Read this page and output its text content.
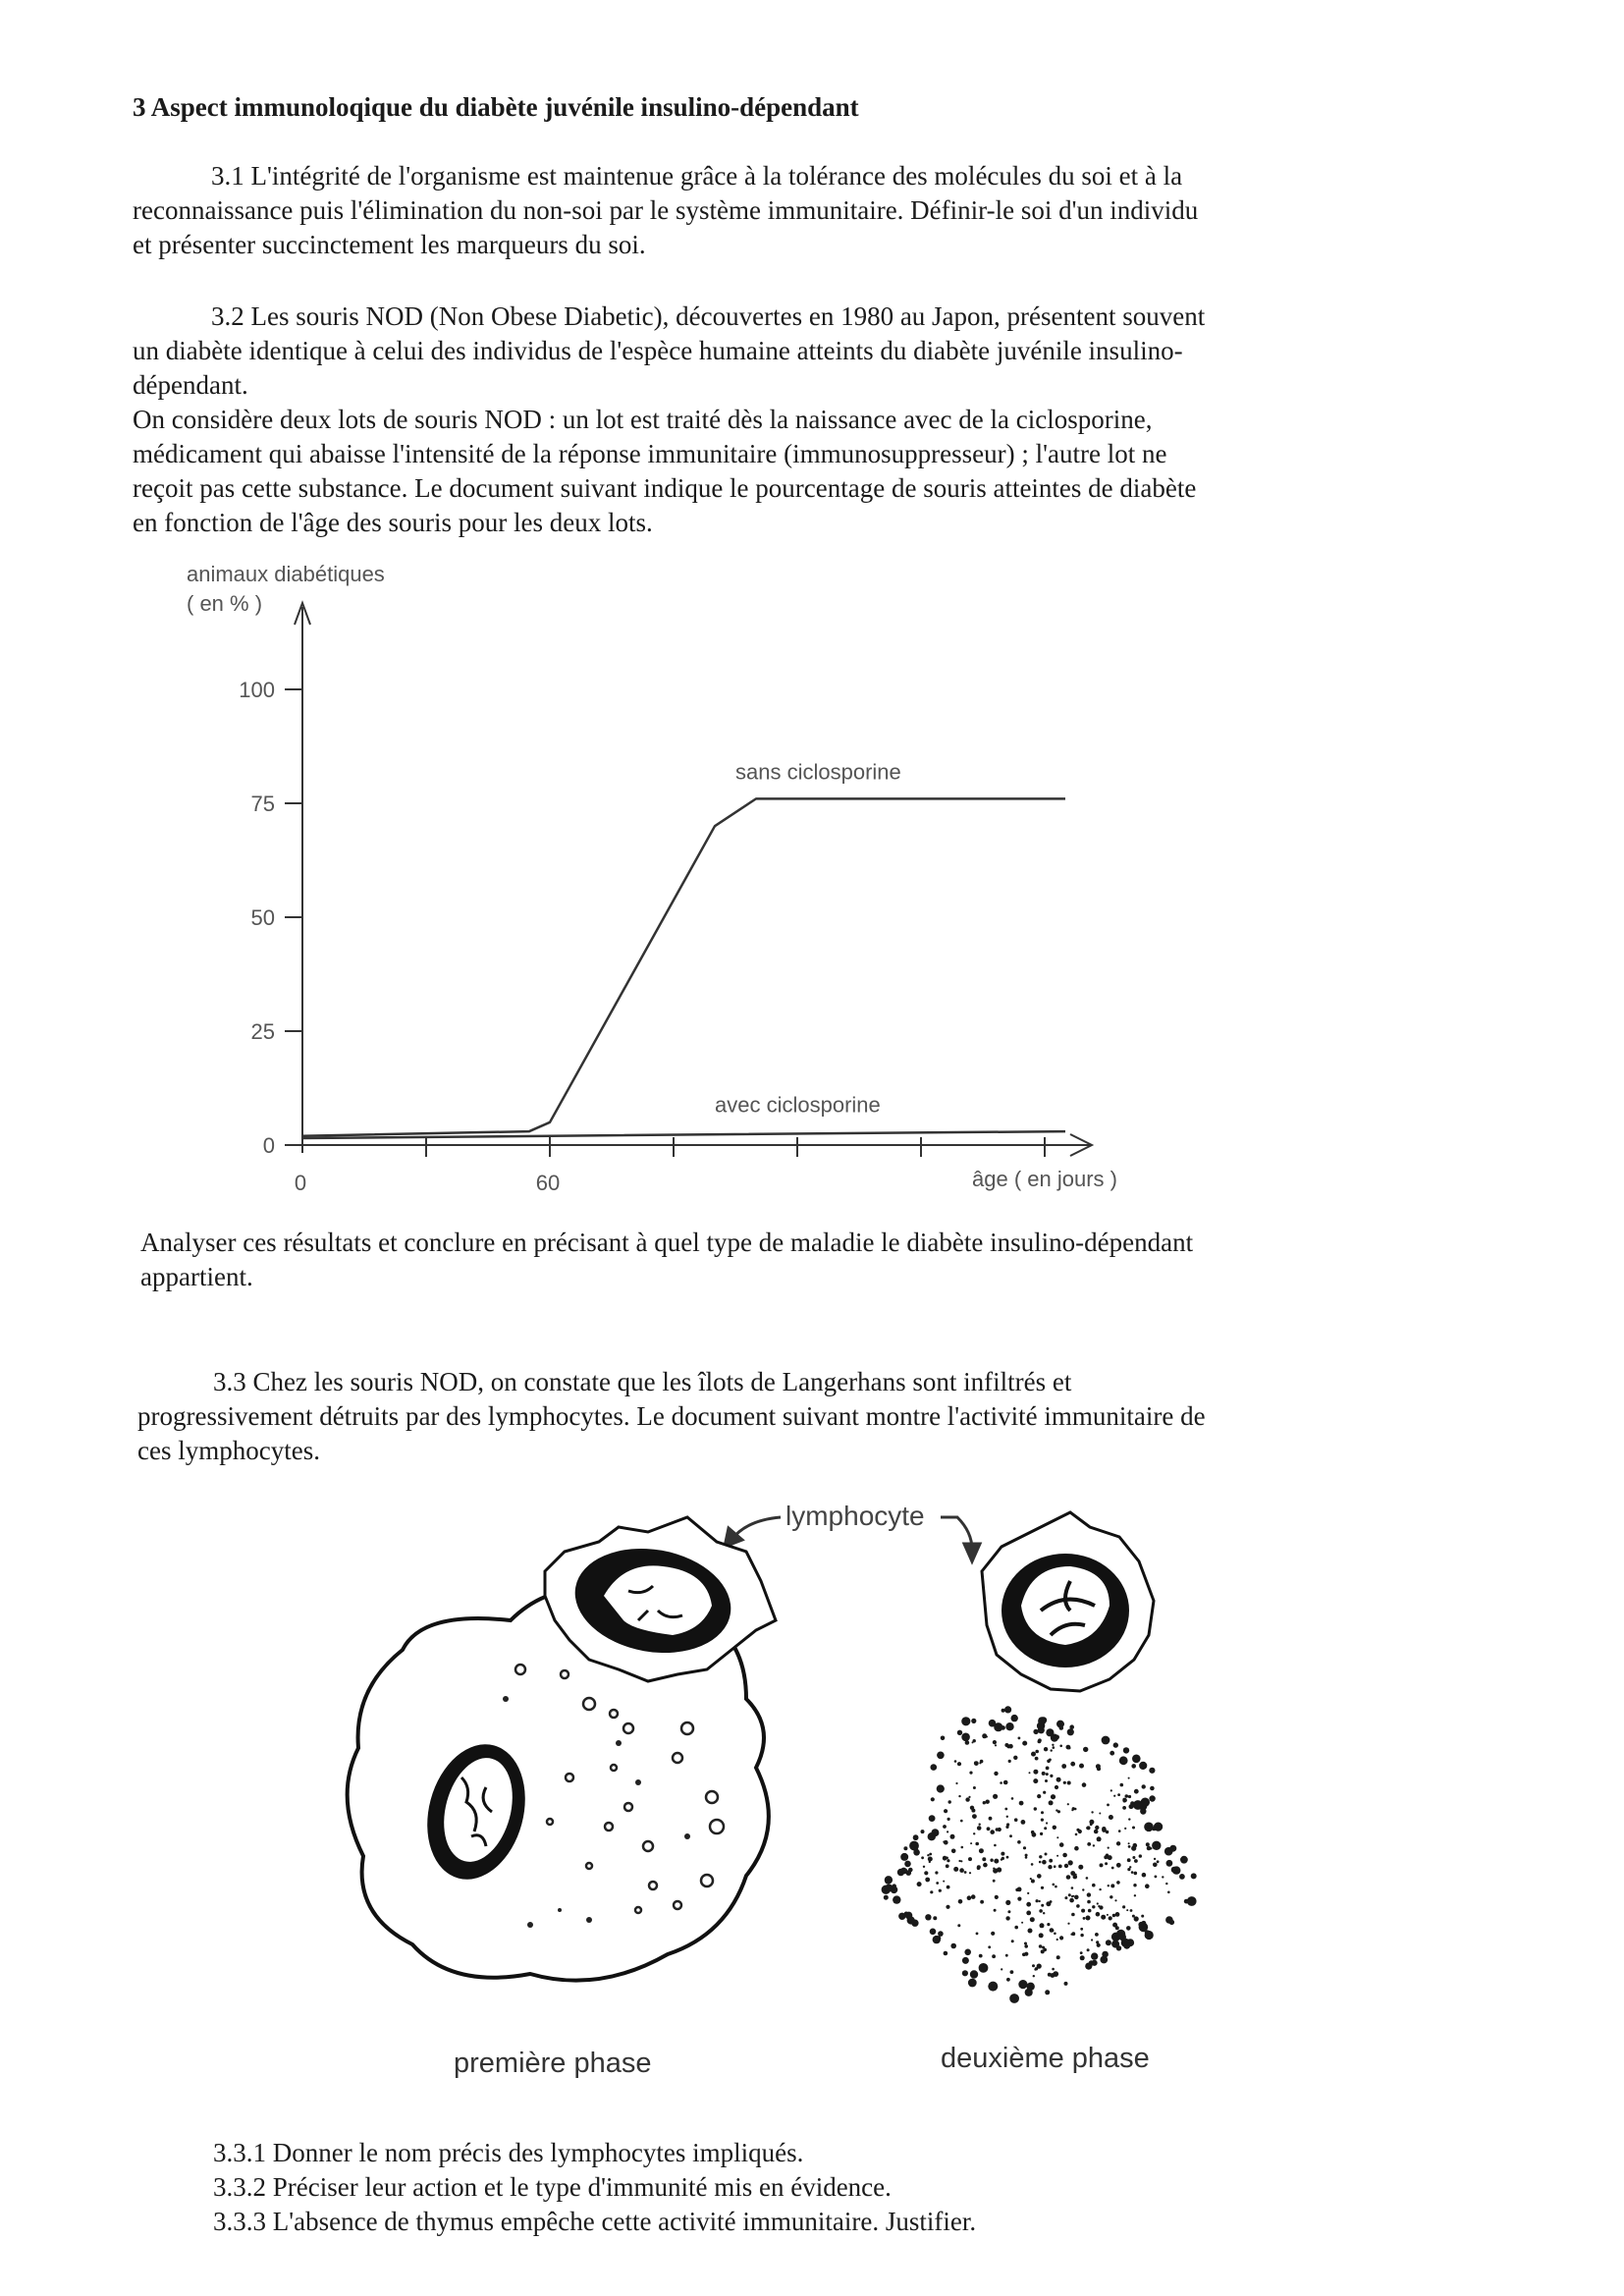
3 Aspect immunoloqique du diabète juvénile insulino-dépendant

3.1 L'intégrité de l'organisme est maintenue grâce à la tolérance des molécules du soi et à la

reconnaissance puis l'élimination du non-soi par le système immunitaire. Définir-le soi d'un individu

et présenter succinctement les marqueurs du soi.

3.2 Les souris NOD (Non Obese Diabetic), découvertes en 1980 au Japon, présentent souvent

un diabète identique à celui des individus de l'espèce humaine atteints du diabète juvénile insulino-

dépendant.

On considère deux lots de souris NOD : un lot est traité dès la naissance avec de la ciclosporine,

médicament qui abaisse l'intensité de la réponse immunitaire (immunosuppresseur) ; l'autre lot ne

reçoit pas cette substance. Le document suivant indique le pourcentage de souris atteintes de diabète

en fonction de l'âge des souris pour les deux lots.

animaux diabétiques
( en % )
100
75
50
25
0
0	60
sans ciclosporine
avec ciclosporine
âge ( en jours )

Analyser ces résultats et conclure en précisant à quel type de maladie le diabète insulino-dépendant

appartient.

3.3 Chez les souris NOD, on constate que les îlots de Langerhans sont infiltrés et

progressivement détruits par des lymphocytes. Le document suivant montre l'activité immunitaire de

ces lymphocytes.

lymphocyte
première phase	deuxième phase

3.3.1 Donner le nom précis des lymphocytes impliqués.

3.3.2 Préciser leur action et le type d'immunité mis en évidence.

3.3.3 L'absence de thymus empêche cette activité immunitaire. Justifier.
